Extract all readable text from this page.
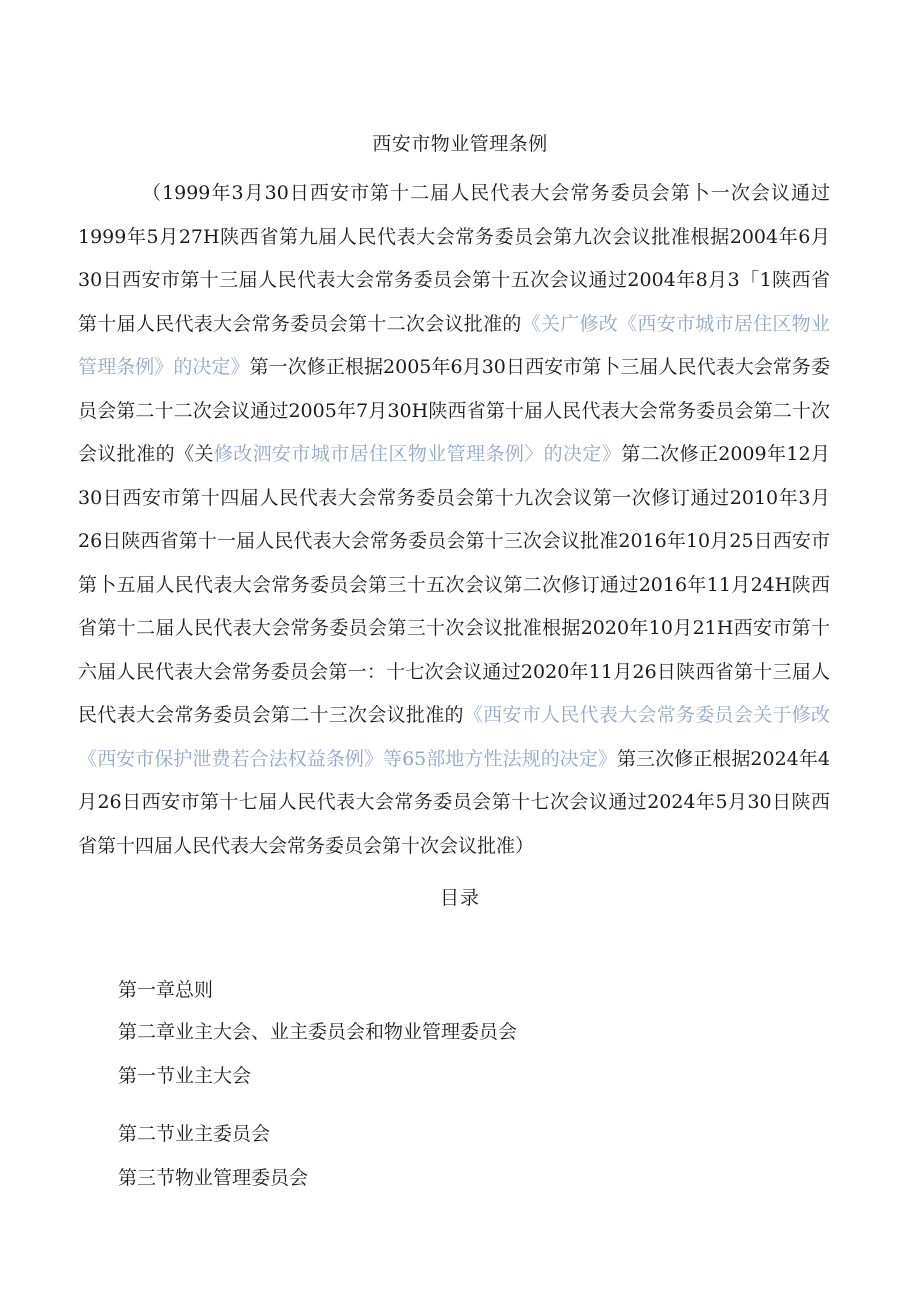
西安市物业管理条例

（1999年3月30日西安市第十二届人民代表大会常务委员会第卜一次会议通过1999年5月27H陕西省第九届人民代表大会常务委员会第九次会议批准根据2004年6月30日西安市第十三届人民代表大会常务委员会第十五次会议通过2004年8月3「1陕西省第十届人民代表大会常务委员会第十二次会议批准的《关广修改《西安市城市居住区物业管理条例》的决定》第一次修正根据2005年6月30日西安市第卜三届人民代表大会常务委员会第二十二次会议通过2005年7月30H陕西省第十届人民代表大会常务委员会第二十次会议批准的《关修改泗安市城市居住区物业管理条例〉的决定》第二次修正2009年12月30日西安市第十四届人民代表大会常务委员会第十九次会议第一次修订通过2010年3月26日陕西省第十一届人民代表大会常务委员会第十三次会议批准2016年10月25日西安市第卜五届人民代表大会常务委员会第三十五次会议第二次修订通过2016年11月24H陕西省第十二届人民代表大会常务委员会第三十次会议批准根据2020年10月21H西安市第十六届人民代表大会常务委员会第一：十七次会议通过2020年11月26日陕西省第十三届人民代表大会常务委员会第二十三次会议批准的《西安市人民代表大会常务委员会关于修改《西安市保护泄费若合法权益条例》等65部地方性法规的决定》第三次修正根据2024年4月26日西安市第十七届人民代表大会常务委员会第十七次会议通过2024年5月30日陕西省第十四届人民代表大会常务委员会第十次会议批准）

目录
第一章总则
第二章业主大会、业主委员会和物业管理委员会
第一节业主大会
第二节业主委员会
第三节物业管理委员会
